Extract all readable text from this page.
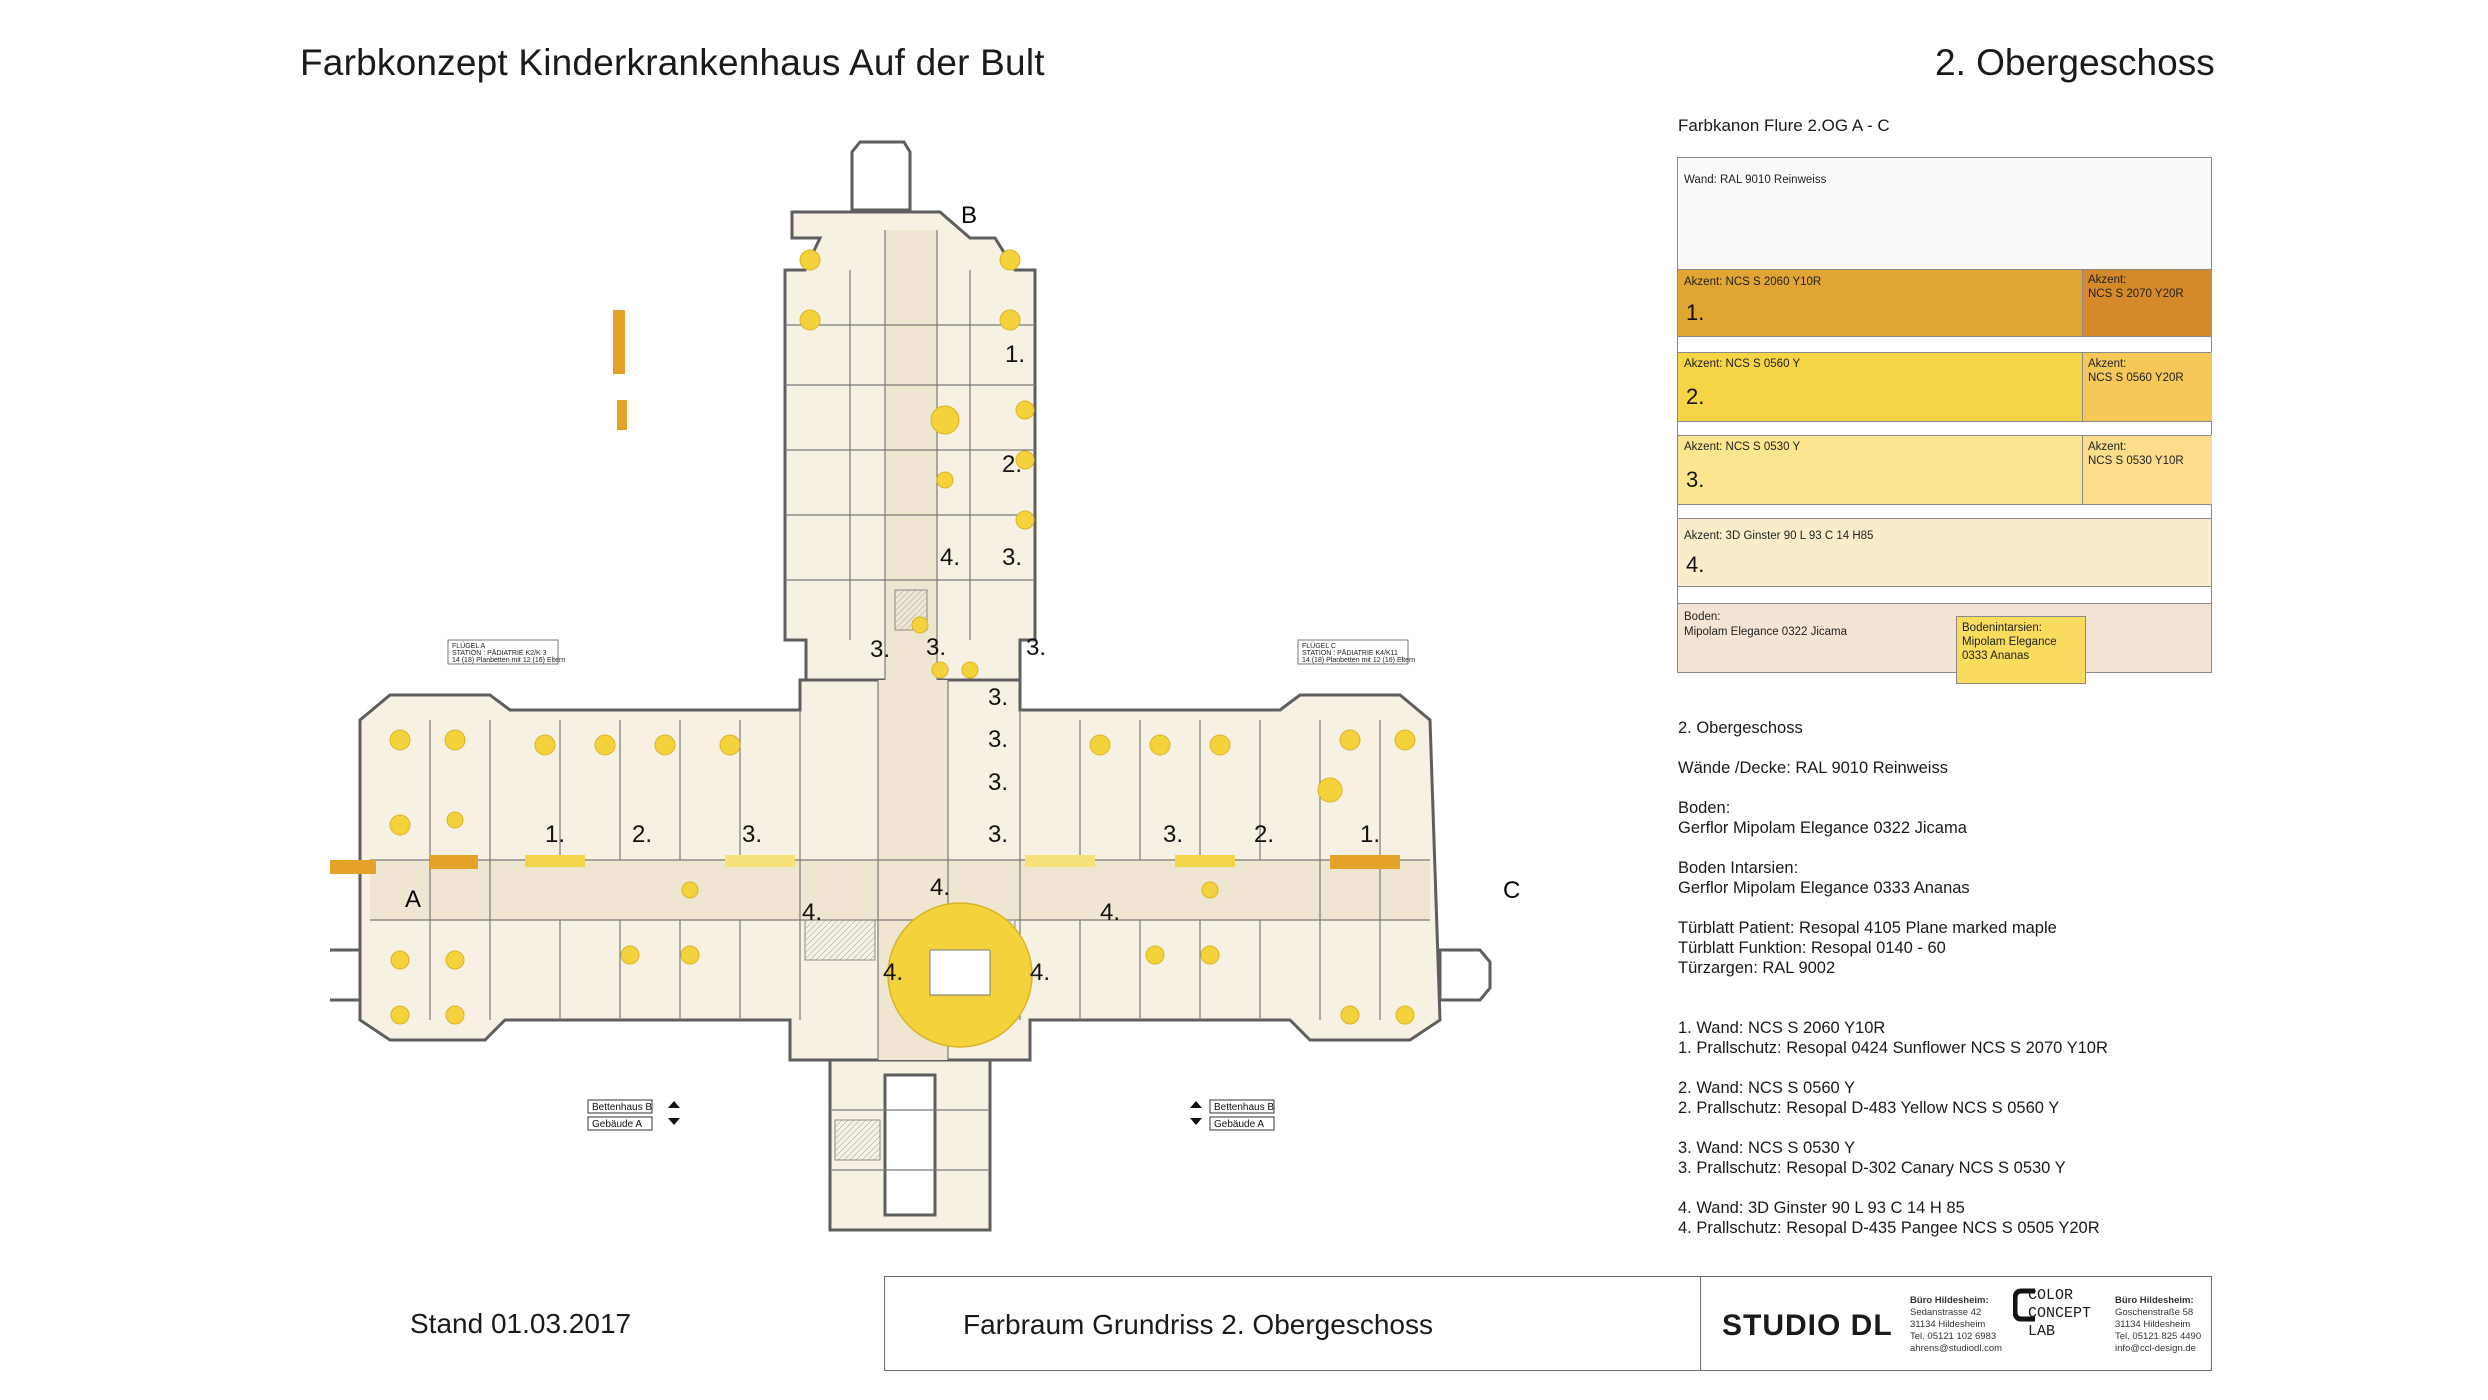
Farbkonzept Kinderkrankenhaus Auf der Bult	2. Obergeschoss
B
A	C
1.
2.
4. 3.
3. 3.	3.
3.
3.
3.
3.
1.	2.	3.	3.	2.	1.
4.
4.	4.
4.	4.
FLÜGEL A
STATION : PÄDIATRIE K2/K 3
14 (18) Planbetten mit 12 (16) Eltern
FLÜGEL C
STATION : PÄDIATRIE K4/K11
14 (18) Planbetten mit 12 (16) Eltern
Bettenhaus B
Gebäude A
Bettenhaus B
Gebäude A
Farbkanon Flure 2.OG A - C
Wand: RAL 9010 Reinweiss
Akzent: NCS S 2060 Y10R
1.
Akzent:
NCS S 2070 Y20R
Akzent: NCS S 0560 Y
2.
Akzent:
NCS S 0560 Y20R
Akzent: NCS S 0530 Y
3.
Akzent:
NCS S 0530 Y10R
Akzent: 3D Ginster 90 L 93 C 14 H85
4.
Boden:
Mipolam Elegance 0322 Jicama	Bodenintarsien:
Mipolam Elegance
0333 Ananas
2. Obergeschoss
Wände /Decke: RAL 9010 Reinweiss
Boden:
Gerflor Mipolam Elegance 0322 Jicama
Boden Intarsien:
Gerflor Mipolam Elegance 0333 Ananas
Türblatt Patient: Resopal 4105 Plane marked maple
Türblatt Funktion: Resopal 0140 - 60
Türzargen: RAL 9002
1. Wand: NCS S 2060 Y10R
1. Prallschutz: Resopal 0424 Sunflower NCS S 2070 Y10R
2. Wand: NCS S 0560 Y
2. Prallschutz: Resopal D-483 Yellow NCS S 0560 Y
3. Wand: NCS S 0530 Y
3. Prallschutz: Resopal D-302 Canary NCS S 0530 Y
4. Wand: 3D Ginster 90 L 93 C 14 H 85
4. Prallschutz: Resopal D-435 Pangee NCS S 0505 Y20R
Stand 01.03.2017	Farbraum Grundriss 2. Obergeschoss	STUDIO DL
Büro Hildesheim:
Sedanstrasse 42
31134 Hildesheim
Tel. 05121 102 6983
ahrens@studiodl.com
COLOR
CONCEPT
LAB
Büro Hildesheim:
Goschenstraße 58
31134 Hildesheim
Tel. 05121 825 4490
info@ccl-design.de
